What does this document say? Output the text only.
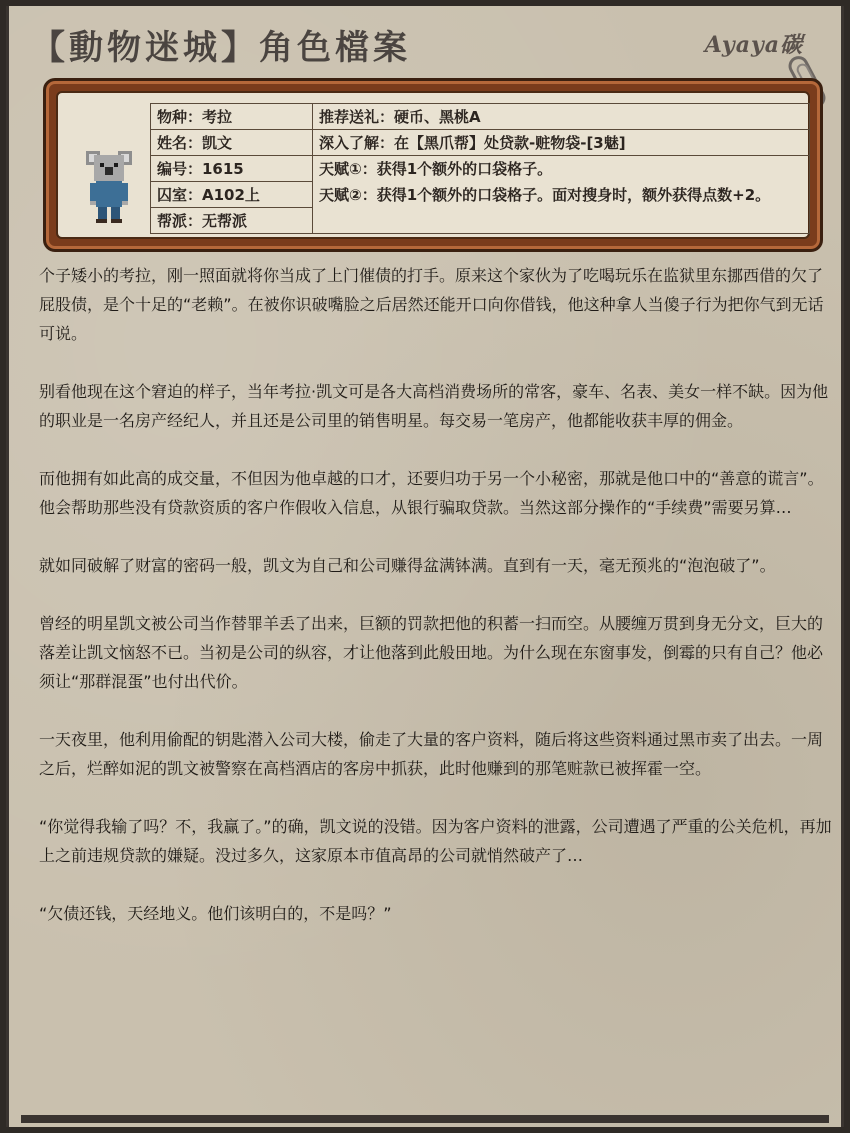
【動物迷城】角色檔案	Ayaya碳
物种：考拉	推荐送礼：硬币、黑桃A
姓名：凯文	深入了解：在【黑爪帮】处贷款-赃物袋-[3魅]
编号：1615	天赋①：获得1个额外的口袋格子。
天赋②：获得1个额外的口袋格子。面对搜身时，额外获得点数+2。

囚室：A102上	
帮派：无帮派	

个子矮小的考拉，刚一照面就将你当成了上门催债的打手。原来这个家伙为了吃喝玩乐在监狱里东挪西借的欠了屁股债，是个十足的“老赖”。在被你识破嘴脸之后居然还能开口向你借钱，他这种拿人当傻子行为把你气到无话可说。

别看他现在这个窘迫的样子，当年考拉·凯文可是各大高档消费场所的常客，豪车、名表、美女一样不缺。因为他的职业是一名房产经纪人，并且还是公司里的销售明星。每交易一笔房产，他都能收获丰厚的佣金。

而他拥有如此高的成交量，不但因为他卓越的口才，还要归功于另一个小秘密，那就是他口中的“善意的谎言”。他会帮助那些没有贷款资质的客户作假收入信息，从银行骗取贷款。当然这部分操作的“手续费”需要另算…

就如同破解了财富的密码一般，凯文为自己和公司赚得盆满钵满。直到有一天，毫无预兆的“泡泡破了”。

曾经的明星凯文被公司当作替罪羊丢了出来，巨额的罚款把他的积蓄一扫而空。从腰缠万贯到身无分文，巨大的落差让凯文恼怒不已。当初是公司的纵容，才让他落到此般田地。为什么现在东窗事发，倒霉的只有自己？他必须让“那群混蛋”也付出代价。

一天夜里，他利用偷配的钥匙潜入公司大楼，偷走了大量的客户资料，随后将这些资料通过黑市卖了出去。一周之后，烂醉如泥的凯文被警察在高档酒店的客房中抓获，此时他赚到的那笔赃款已被挥霍一空。

“你觉得我输了吗？不，我赢了。”的确，凯文说的没错。因为客户资料的泄露，公司遭遇了严重的公关危机，再加上之前违规贷款的嫌疑。没过多久，这家原本市值高昂的公司就悄然破产了…

“欠债还钱，天经地义。他们该明白的，不是吗？”
